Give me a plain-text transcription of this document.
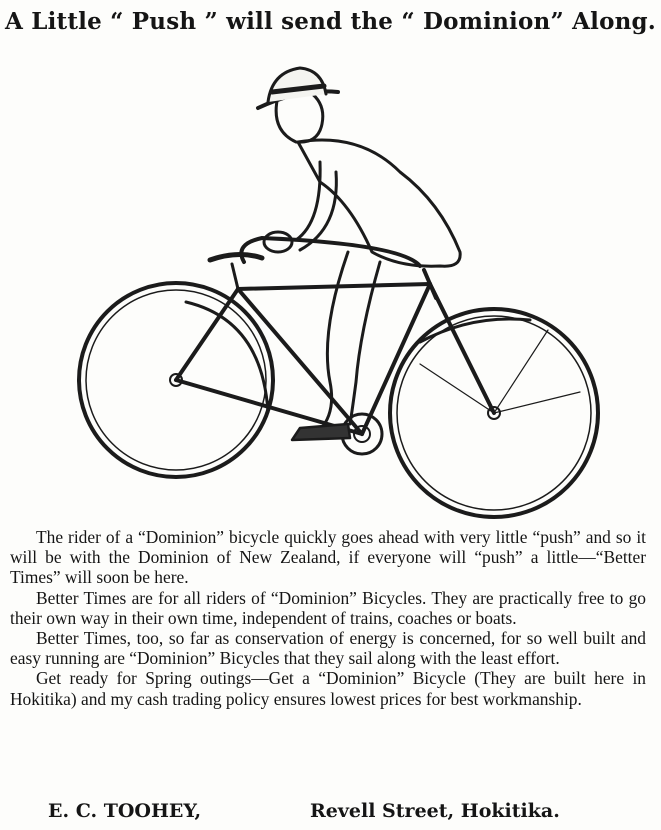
A Little “ Push ” will send the “ Dominion” Along.

The rider of a “Dominion” bicycle quickly goes ahead with very little “push” and so it will be with the Dominion of New Zealand, if everyone will “push” a little—“Better Times” will soon be here.

Better Times are for all riders of “Dominion” Bicycles. They are practically free to go their own way in their own time, independent of trains, coaches or boats.

Better Times, too, so far as conservation of energy is concerned, for so well built and easy running are “Dominion” Bicycles that they sail along with the least effort.

Get ready for Spring outings—Get a “Dominion” Bicycle (They are built here in Hokitika) and my cash trading policy ensures lowest prices for best workmanship.

E. C. TOOHEY,	Revell Street, Hokitika.
